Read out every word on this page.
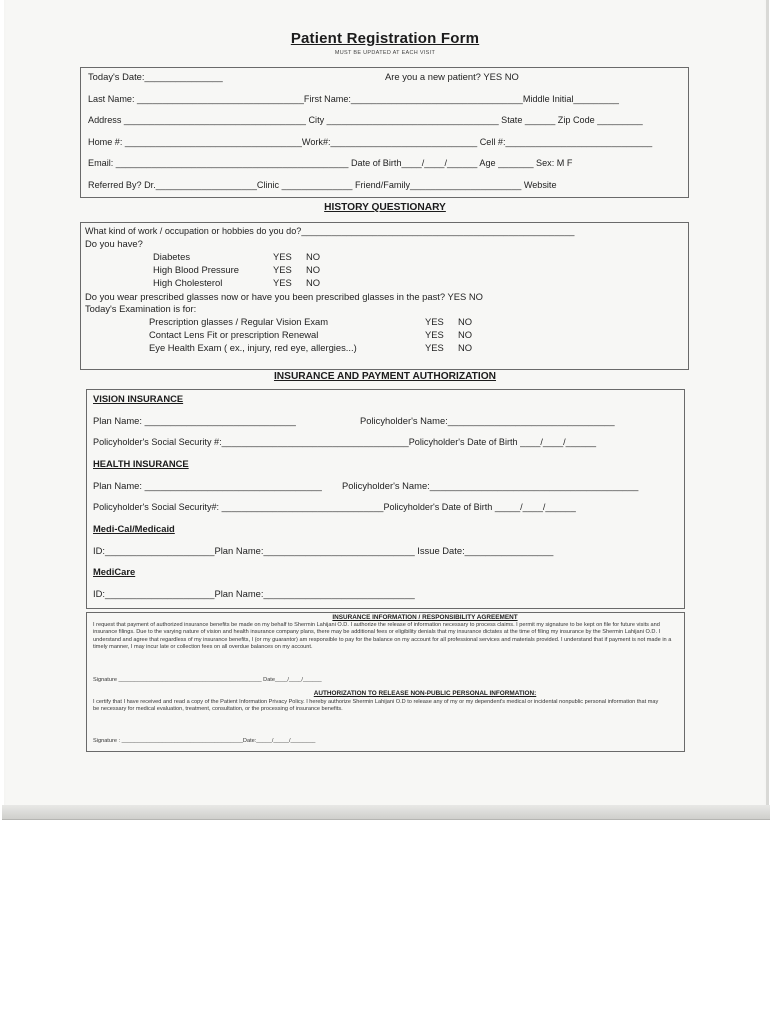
Patient Registration Form
MUST BE UPDATED AT EACH VISIT
Today's Date:_______________	Are you a new patient? YES NO
Last Name: _________________________________First Name:__________________________________Middle Initial_________
Address ____________________________________ City __________________________________ State ______ Zip Code _________
Home #: ___________________________________Work#:_____________________________ Cell #:_____________________________
Email: ______________________________________________ Date of Birth____/____/______ Age _______ Sex: M F
Referred By? Dr.____________________Clinic ______________ Friend/Family______________________ Website
HISTORY QUESTIONARY
What kind of work / occupation or hobbies do you do?______________________________________________________
Do you have?
Diabetes	YES NO
High Blood Pressure	YES NO
High Cholesterol	YES NO
Do you wear prescribed glasses now or have you been prescribed glasses in the past? YES NO
Today's Examination is for:
Prescription glasses / Regular Vision Exam	YES NO
Contact Lens Fit or prescription Renewal	YES NO
Eye Health Exam ( ex., injury, red eye, allergies...)	YES NO
INSURANCE AND PAYMENT AUTHORIZATION
VISION INSURANCE
Plan Name: _____________________________	Policyholder's Name:________________________________
Policyholder's Social Security #:_____________________________________Policyholder's Date of Birth ____/____/______
HEALTH INSURANCE
Plan Name: __________________________________ Policyholder's Name:________________________________________
Policyholder's Social Security#: ________________________________Policyholder's Date of Birth _____/____/______
Medi-Cal/Medicaid
ID:_____________________Plan Name:_____________________________ Issue Date:_________________
MediCare
ID:_____________________Plan Name:_____________________________
INSURANCE INFORMATION / RESPONSIBILITY AGREEMENT
I request that payment of authorized insurance benefits be made on my behalf to Shermin Lahijani O.D. I authorize the release of information necessary to process claims. I permit my signature to be kept on file for future visits and insurance filings. Due to the varying nature of vision and health insurance company plans, there may be additional fees or eligibility denials that my insurance dictates at the time of filing my insurance by the Shermin Lahijani O.D. I understand and agree that regardless of my insurance benefits, I (or my guarantor) am responsible to pay for the balance on my account for all professional services and materials provided. I understand that if payment is not made in a timely manner, I may incur late or collection fees on all overdue balances on my account.
Signature ______________________________________________ Date____/____/______
AUTHORIZATION TO RELEASE NON-PUBLIC PERSONAL INFORMATION:
I certify that I have received and read a copy of the Patient Information Privacy Policy. I hereby authorize Shermin Lahijani O.D to release any of my or my dependent's medical or incidental nonpublic personal information that may be necessary for medical evaluation, treatment, consultation, or the processing of insurance benefits.
Signature : _______________________________________Date:_____/_____/________
